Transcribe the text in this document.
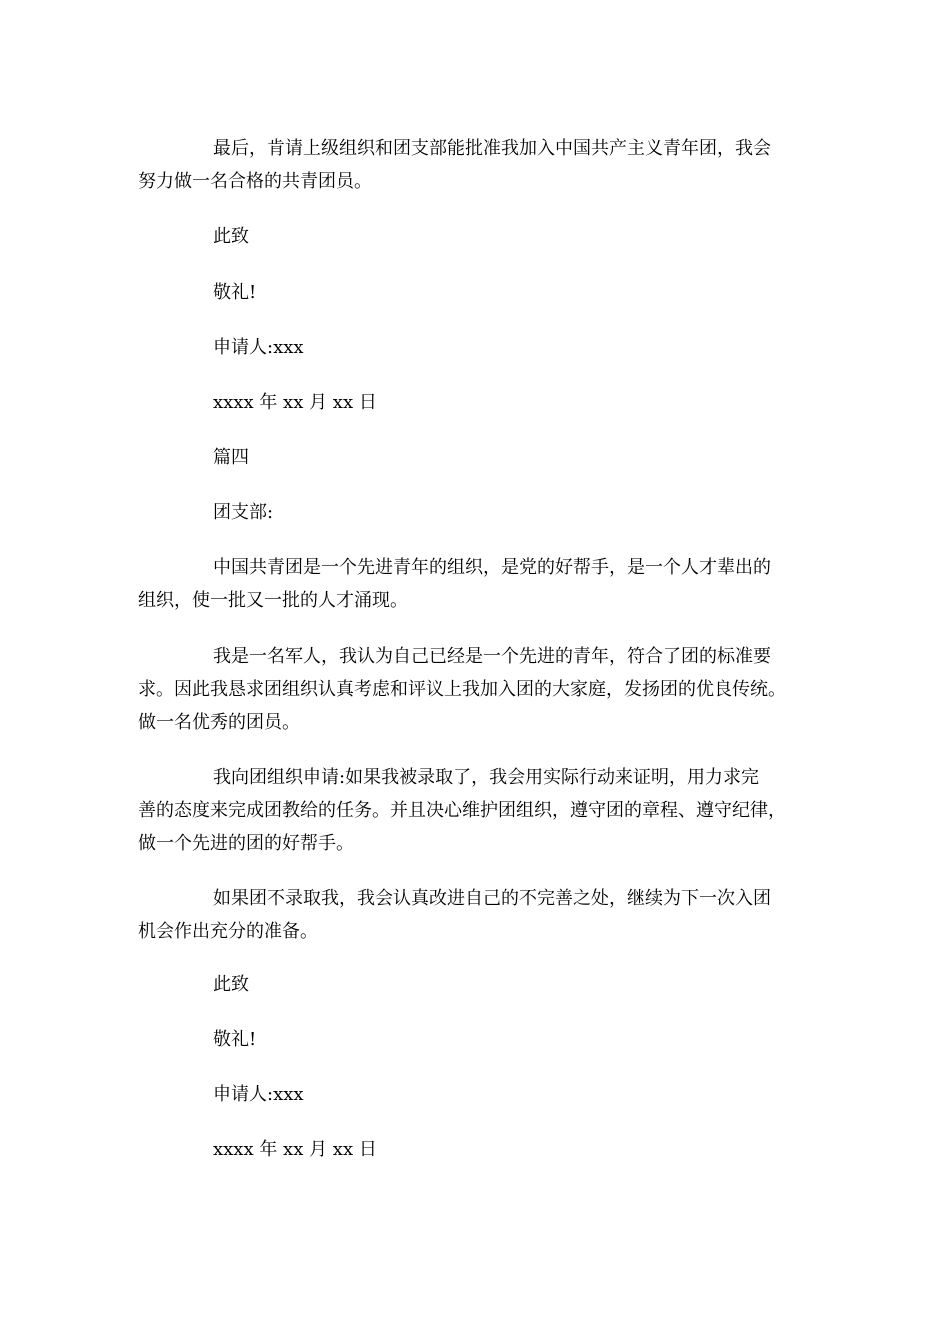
最后，肯请上级组织和团支部能批准我加入中国共产主义青年团，我会
努力做一名合格的共青团员。
此致
敬礼!
申请人:xxx
xxxx 年 xx 月 xx 日
篇四
团支部:
中国共青团是一个先进青年的组织，是党的好帮手，是一个人才辈出的
组织，使一批又一批的人才涌现。
我是一名军人，我认为自己已经是一个先进的青年，符合了团的标准要
求。因此我恳求团组织认真考虑和评议上我加入团的大家庭，发扬团的优良传统。
做一名优秀的团员。
我向团组织申请:如果我被录取了，我会用实际行动来证明，用力求完
善的态度来完成团教给的任务。并且决心维护团组织，遵守团的章程、遵守纪律，
做一个先进的团的好帮手。
如果团不录取我，我会认真改进自己的不完善之处，继续为下一次入团
机会作出充分的准备。
此致
敬礼!
申请人:xxx
xxxx 年 xx 月 xx 日
